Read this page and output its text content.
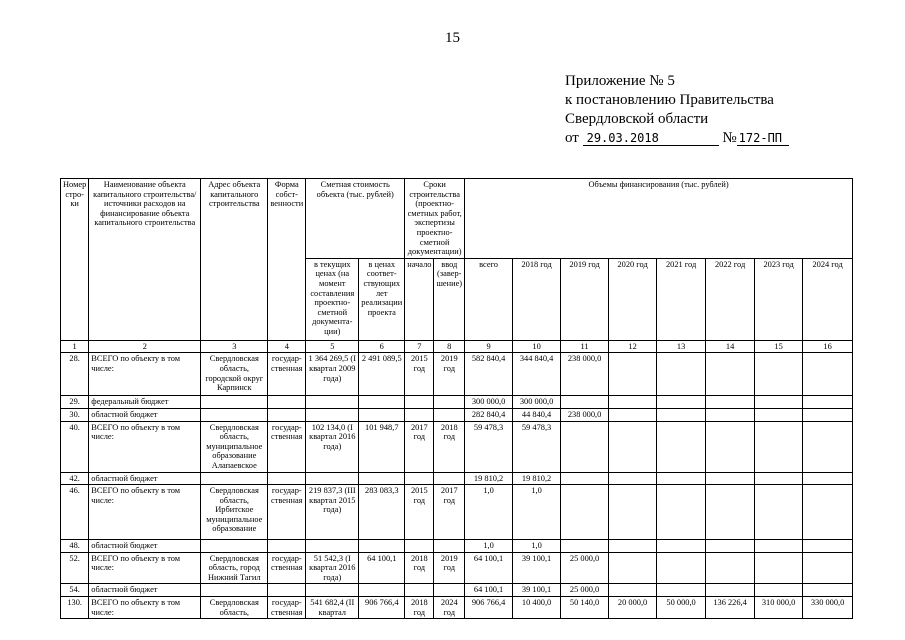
15
Приложение № 5
к постановлению Правительства
Свердловской области
от 29.03.2018	№ 172-ПП
Номер стро- ки	Наименование объекта капитального строительства/ источники расходов на финансирование объекта капитального строительства	Адрес объекта капитального строительства	Форма собст- венности	Сметная стоимость объекта (тыс. рублей)		Сроки строительства (проектно- сметных работ, экспертизы проектно- сметной документации)		Объемы финансирования (тыс. рублей)							
				в текущих ценах (на момент составления проектно- сметной документа- ции)	в ценах соответ- ствующих лет реализации проекта	начало	ввод (завер- шение)	всего	2018 год	2019 год	2020 год	2021 год	2022 год	2023 год	2024 год
1	2	3	4	5	6	7	8	9	10	11	12	13	14	15	16
28.	ВСЕГО по объекту в том числе:	Свердловская область, городской округ Карпинск	государ- ственная	1 364 269,5 (I квартал 2009 года)	2 491 089,5	2015 год	2019 год	582 840,4	344 840,4	238 000,0					
29.	федеральный бюджет							300 000,0	300 000,0						
30.	областной бюджет							282 840,4	44 840,4	238 000,0					
40.	ВСЕГО по объекту в том числе:	Свердловская область, муниципальное образование Алапаевское	государ- ственная	102 134,0 (I квартал 2016 года)	101 948,7	2017 год	2018 год	59 478,3	59 478,3						
42.	областной бюджет							19 810,2	19 810,2						
46.	ВСЕГО по объекту в том числе:	Свердловская область, Ирбитское муниципальное образование	государ- ственная	219 837,3 (III квартал 2015 года)	283 083,3	2015 год	2017 год	1,0	1,0						
48.	областной бюджет							1,0	1,0						
52.	ВСЕГО по объекту в том числе:	Свердловская область, город Нижний Тагил	государ- ственная	51 542,3 (I квартал 2016 года)	64 100,1	2018 год	2019 год	64 100,1	39 100,1	25 000,0					
54.	областной бюджет							64 100,1	39 100,1	25 000,0					
130.	ВСЕГО по объекту в том числе:	Свердловская область,	государ- ственная	541 682,4 (II квартал	906 766,4	2018 год	2024 год	906 766,4	10 400,0	50 140,0	20 000,0	50 000,0	136 226,4	310 000,0	330 000,0
